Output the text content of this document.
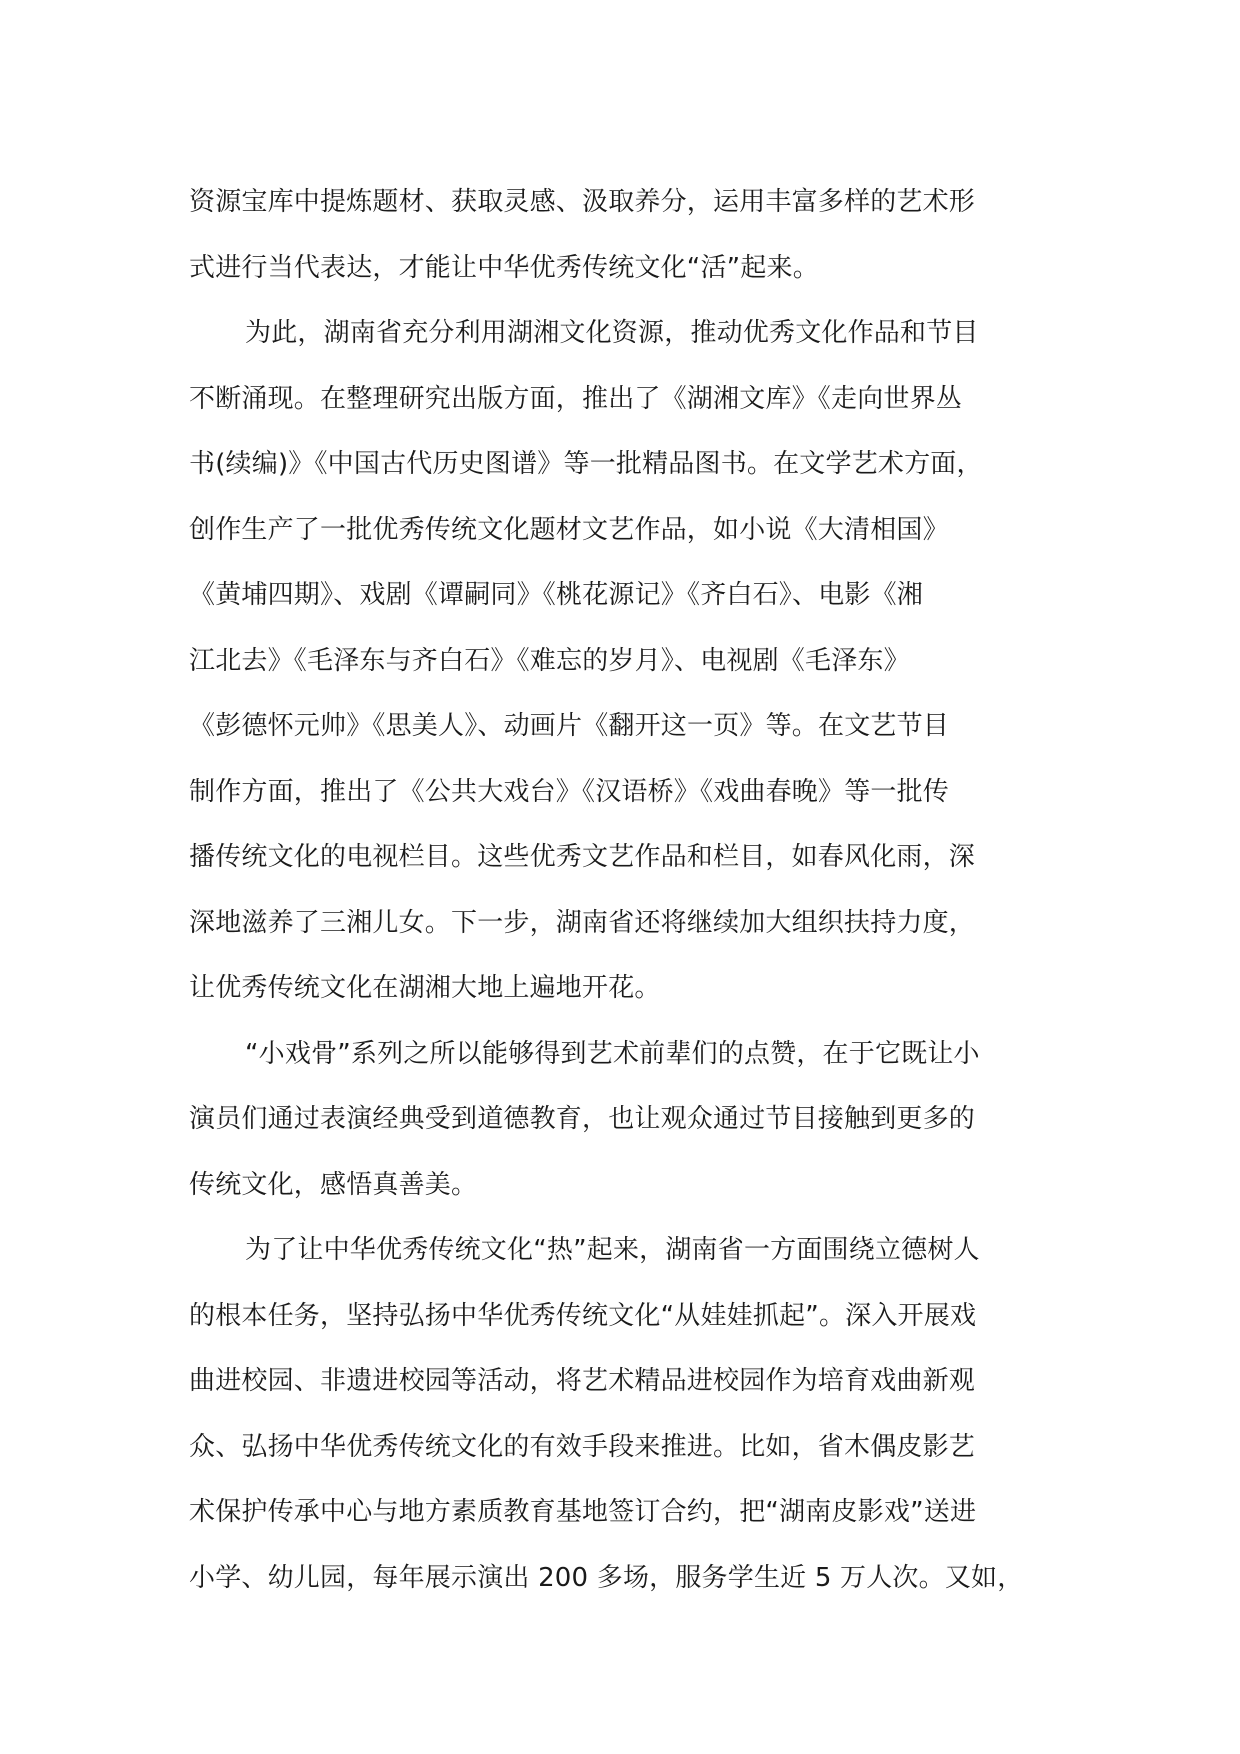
资源宝库中提炼题材、获取灵感、汲取养分，运用丰富多样的艺术形
式进行当代表达，才能让中华优秀传统文化“活”起来。
为此，湖南省充分利用湖湘文化资源，推动优秀文化作品和节目
不断涌现。在整理研究出版方面，推出了《湖湘文库》《走向世界丛
书(续编)》《中国古代历史图谱》等一批精品图书。在文学艺术方面，
创作生产了一批优秀传统文化题材文艺作品，如小说《大清相国》
《黄埔四期》、戏剧《谭嗣同》《桃花源记》《齐白石》、电影《湘
江北去》《毛泽东与齐白石》《难忘的岁月》、电视剧《毛泽东》
《彭德怀元帅》《思美人》、动画片《翻开这一页》等。在文艺节目
制作方面，推出了《公共大戏台》《汉语桥》《戏曲春晚》等一批传
播传统文化的电视栏目。这些优秀文艺作品和栏目，如春风化雨，深
深地滋养了三湘儿女。下一步，湖南省还将继续加大组织扶持力度，
让优秀传统文化在湖湘大地上遍地开花。
“小戏骨”系列之所以能够得到艺术前辈们的点赞，在于它既让小
演员们通过表演经典受到道德教育，也让观众通过节目接触到更多的
传统文化，感悟真善美。
为了让中华优秀传统文化“热”起来，湖南省一方面围绕立德树人
的根本任务，坚持弘扬中华优秀传统文化“从娃娃抓起”。深入开展戏
曲进校园、非遗进校园等活动，将艺术精品进校园作为培育戏曲新观
众、弘扬中华优秀传统文化的有效手段来推进。比如，省木偶皮影艺
术保护传承中心与地方素质教育基地签订合约，把“湖南皮影戏”送进
小学、幼儿园，每年展示演出 200 多场，服务学生近 5 万人次。又如，
